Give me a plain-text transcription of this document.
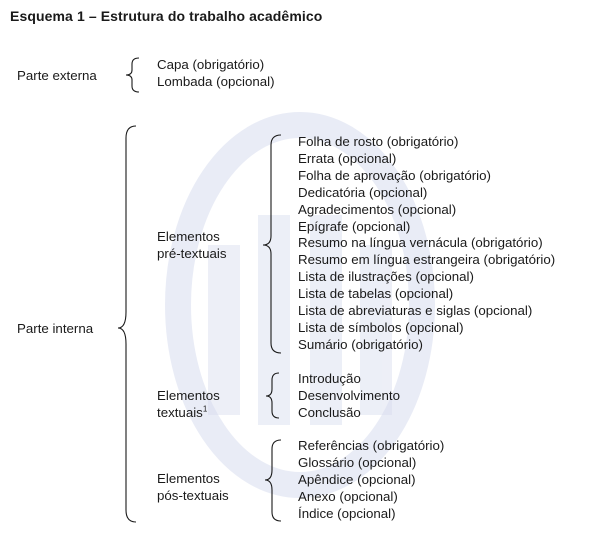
Esquema 1 – Estrutura do trabalho acadêmico
Parte externa
Capa (obrigatório)
Lombada (opcional)
Parte interna
Elementos
pré-textuais
Folha de rosto (obrigatório)
Errata (opcional)
Folha de aprovação (obrigatório)
Dedicatória (opcional)
Agradecimentos (opcional)
Epígrafe (opcional)
Resumo na língua vernácula (obrigatório)
Resumo em língua estrangeira (obrigatório)
Lista de ilustrações (opcional)
Lista de tabelas (opcional)
Lista de abreviaturas e siglas (opcional)
Lista de símbolos (opcional)
Sumário (obrigatório)
Elementos
textuais$^1$
Introdução
Desenvolvimento
Conclusão
Elementos
pós-textuais
Referências (obrigatório)
Glossário (opcional)
Apêndice (opcional)
Anexo (opcional)
Índice (opcional)
